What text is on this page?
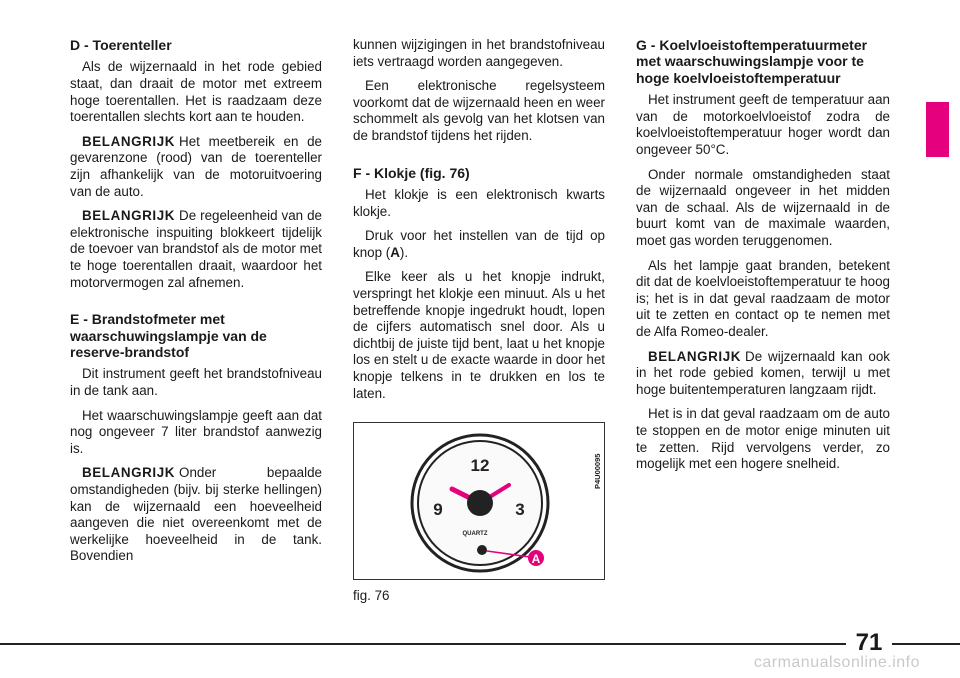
D - Toerenteller

Als de wijzernaald in het rode gebied staat, dan draait de motor met extreem hoge toerentallen. Het is raadzaam deze toerentallen slechts kort aan te houden.

BELANGRIJK Het meetbereik en de gevarenzone (rood) van de toerenteller zijn afhankelijk van de motoruitvoering van de auto.

BELANGRIJK De regeleenheid van de elektronische inspuiting blokkeert tijdelijk de toevoer van brandstof als de motor met te hoge toerentallen draait, waardoor het motorvermogen zal afnemen.

E - Brandstofmeter met waarschuwingslampje van de reserve-brandstof

Dit instrument geeft het brandstofniveau in de tank aan.

Het waarschuwingslampje geeft aan dat nog ongeveer 7 liter brandstof aanwezig is.

BELANGRIJK Onder bepaalde omstandigheden (bijv. bij sterke hellingen) kan de wijzernaald een hoeveelheid aangeven die niet overeenkomt met de werkelijke hoeveelheid in de tank. Bovendien

kunnen wijzigingen in het brandstofniveau iets vertraagd worden aangegeven.

Een elektronische regelsysteem voorkomt dat de wijzernaald heen en weer schommelt als gevolg van het klotsen van de brandstof tijdens het rijden.

F - Klokje (fig. 76)

Het klokje is een elektronisch kwarts klokje.

Druk voor het instellen van de tijd op knop (A).

Elke keer als u het knopje indrukt, verspringt het klokje een minuut. Als u het betreffende knopje ingedrukt houdt, lopen de cijfers automatisch snel door. Als u dichtbij de juiste tijd bent, laat u het knopje los en stelt u de exacte waarde in door het knopje telkens in te drukken en los te laten.

12
9	3
QUARTZ
A
P4U00095
fig. 76
G - Koelvloeistoftemperatuurmeter met waarschuwingslampje voor te hoge koelvloeistoftemperatuur

Het instrument geeft de temperatuur aan van de motorkoelvloeistof zodra de koelvloeistoftemperatuur hoger wordt dan ongeveer 50°C.

Onder normale omstandigheden staat de wijzernaald ongeveer in het midden van de schaal. Als de wijzernaald in de buurt komt van de maximale waarden, moet gas worden teruggenomen.

Als het lampje gaat branden, betekent dit dat de koelvloeistoftemperatuur te hoog is; het is in dat geval raadzaam de motor uit te zetten en contact op te nemen met de Alfa Romeo-dealer.

BELANGRIJK De wijzernaald kan ook in het rode gebied komen, terwijl u met hoge buitentemperaturen langzaam rijdt.

Het is in dat geval raadzaam om de auto te stoppen en de motor enige minuten uit te zetten. Rijd vervolgens verder, zo mogelijk met een hogere snelheid.

71
carmanualsonline.info
